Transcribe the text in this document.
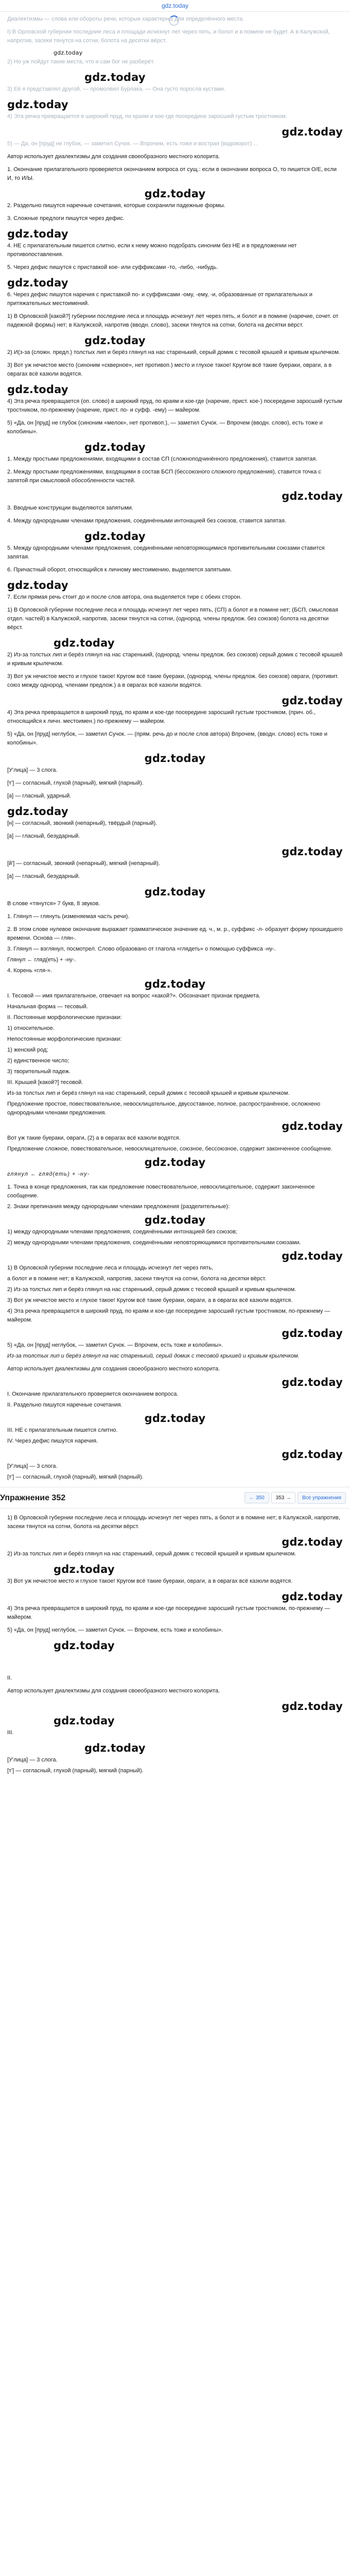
gdz.today

Диалектизмы — слова или обороты речи, которые характерны для определённого места.

I) В Орловской губернии последние леса и площади исчезнут лет через пять, и болот и в помине не будет. А в Калужской, напротив, засеки тянутся на сотни, болота на десятки вёрст.

gdz.today

2) Но уж пойдут такие места, что и сам бог не разберёт.

gdz.today

3) Её я представлял другой, — промолвил Бурлака. — Она густо поросла кустами.

gdz.today

4) Эта речка превращается в широкий пруд, по краям и кое-где посередине заросший густым тростником.

gdz.today

5) — Да, он [пруд] не глубок, — заметил Сучок. — Впрочем, есть тоже и вострая (водоворот) ...

Автор использует диалектизмы для создания своеобразного местного колорита.

1. Окончание прилагательного проверяется окончанием вопроса от сущ.: если в окончании вопроса О, то пишется О/Е, если И, то И/Ы.

gdz.today

2. Раздельно пишутся наречные сочетания, которые сохранили падежные формы.

3. Сложные предлоги пишутся через дефис.

gdz.today

4. НЕ с прилагательным пишется слитно, если к нему можно подобрать синоним без НЕ и в предложении нет противопоставления.

5. Через дефис пишутся с приставкой кое- или суффиксами -то, -либо, -нибудь.

gdz.today

6. Через дефис пишутся наречия с приставкой по- и суффиксами -ому, -ему, -и, образованные от прилагательных и притяжательных местоимений.

1) В Орловской [какой?] губернии последние леса и площадь исчезнут лет через пять, и болот и в помине (наречие, сочет. от падежной формы) нет; в Калужской, напротив (вводн. слово), засеки тянутся на сотни, болота на десятки вёрст.

gdz.today

2) И(з-за (сложн. предл.) толстых лип и берёз глянул на нас старенький, серый домик с тесовой крышей и кривым крылечком.

3) Вот уж нечистое место (синоним «скверное», нет противоп.) место и глухое такое! Кругом всё такие буераки, овраги, а в оврагах всё казюли водятся.

gdz.today

4) Эта речка превращается (оп. слово) в широкий пруд, по краям и кое-где (наречие, прист. кое-) посередине заросший густым тростником, по-прежнему (наречие, прист. по- и суфф. -ему) — майером.

5) «Да, он [пруд] не глубок (синоним «мелок», нет противоп.), — заметил Сучок. — Впрочем (вводн. слово), есть тоже и колобины».

gdz.today

1. Между простыми предложениями, входящими в состав СП (сложноподчинённого предложения), ставится запятая.

2. Между простыми предложениями, входящими в состав БСП (бессоюзного сложного предложения), ставится точка с запятой при смысловой обособленности частей.

gdz.today

3. Вводные конструкции выделяются запятыми.

4. Между однородными членами предложения, соединёнными интонацией без союзов, ставится запятая.

gdz.today

5. Между однородными членами предложения, соединёнными неповторяющимися противительными союзами ставится запятая.

6. Причастный оборот, относящийся к личному местоимению, выделяется запятыми.

gdz.today

7. Если прямая речь стоит до и после слов автора, она выделяется тире с обеих сторон.

1) В Орловской губернии последние леса и площадь исчезнут лет через пять, (СП) а болот и в помине нет; (БСП, смысловая отдел. частей) в Калужской, напротив, засеки тянутся на сотни, (однород. члены предлож. без союзов) болота на десятки вёрст.

gdz.today

2) Из-за толстых лип и берёз глянул на нас старенький, (однород. члены предлож. без союзов) серый домик с тесовой крышей и кривым крылечком.

3) Вот уж нечистое место и глухое такое! Кругом всё такие буераки, (однород. члены предлож. без союзов) овраги, (противит. союз между однород. членами предлож.) а в оврагах всё казюли водятся.

gdz.today

4) Эта речка превращается в широкий пруд, по краям и кое-где посередине заросший густым тростником, (прич. об., относящийся к личн. местоимен.) по-прежнему — майером.

5) «Да, он [пруд] неглубок, — заметил Сучок. — (прям. речь до и после слов автора) Впрочем, (вводн. слово) есть тоже и колобины».

gdz.today

[У'лица] — 3 слога.

[т'] — согласный, глухой (парный), мягкий (парный).

[а] — гласный, ударный.

gdz.today

[н] — согласный, звонкий (непарный), твёрдый (парный).

[а] — гласный, безударный.

gdz.today

[й'] — согласный, звонкий (непарный), мягкий (непарный).

[а] — гласный, безударный.

gdz.today

В слове «тянутся» 7 букв, 8 звуков.

1. Глянул — глянуть (изменяемая часть речи).

2. В этом слове нулевое окончание выражает грамматическое значение ед. ч., м. р., суффикс -л- образует форму прошедшего времени. Основа — глян-.

3. Глянул — взглянул, посмотрел. Слово образовано от глагола «глядеть» о помощью суффикса -ну-.

Глянул ← гляд(еть) + -ну-.

4. Корень «гля-».

gdz.today

I. Тесовой — имя прилагательное, отвечает на вопрос «какой?». Обозначает признак предмета.

Начальная форма — тесовый.

II. Постоянные морфологические признаки:

1) относительное.

Непостоянные морфологические признаки:

1) женский род;

2) единственное число;

3) творительный падеж.

III. Крышей [какой?] тесовой.

Из-за толстых лип и берёз глянул на нас старенький, серый домик с тесовой крышей и кривым крылечком.

Предложение простое, повествовательное, невосклицательное, двусоставное, полное, распространённое, осложнено однородными членами предложения.

gdz.today

Вот уж такие буераки, овраги, (2) а в оврагах всё казюли водятся.

Предложение сложное, повествовательное, невосклицательное, союзное, бессоюзное, содержит законченное сообщение.

gdz.today

глянул ← гляд(еть) + -ну-

1. Точка в конце предложения, так как предложение повествовательное, невосклицательное, содержит законченное сообщение.

2. Знаки препинания между однородными членами предложения (разделительные):

gdz.today

1) между однородными членами предложения, соединёнными интонацией без союзов;

2) между однородными членами предложения, соединёнными неповторяющимися противительными союзами.

gdz.today

1) В Орловской губернии последние леса и площадь исчезнут лет через пять,

а болот и в помине нет; в Калужской, напротив, засеки тянутся на сотни, болота на десятки вёрст.

2) Из-за толстых лип и берёз глянул на нас старенький, серый домик с тесовой крышей и кривым крылечком.

3) Вот уж нечистое место и глухое такое! Кругом всё такие буераки, овраги, а в оврагах всё казюли водятся.

4) Эта речка превращается в широкий пруд, по краям и кое-где посередине заросший густым тростником, по-прежнему — майером.

gdz.today

5) «Да, он [пруд] неглубок, — заметил Сучок. — Впрочем, есть тоже и колобины».

Из-за толстых лип и берёз глянул на нас старенький, серый домик с тесовой крышей и кривым крылечком.

Автор использует диалектизмы для создания своеобразного местного колорита.

gdz.today

I. Окончание прилагательного проверяется окончанием вопроса.

II. Раздельно пишутся наречные сочетания.

gdz.today

III. НЕ с прилагательным пишется слитно.

IV. Через дефис пишутся наречия.

gdz.today

[У'лица] — 3 слога.

[т'] — согласный, глухой (парный), мягкий (парный).

Упражнение 352	←
350 353
→	Все упражнения

1) В Орловской губернии последние леса и площадь исчезнут лет через пять, а болот и в помине нет; в Калужской, напротив, засеки тянутся на сотни, болота на десятки вёрст.

gdz.today

2) Из-за толстых лип и берёз глянул на нас старенький, серый домик с тесовой крышей и кривым крылечком.

gdz.today

3) Вот уж нечистое место и глухое такое! Кругом всё такие буераки, овраги, а в оврагах всё казюли водятся.

gdz.today

4) Эта речка превращается в широкий пруд, по краям и кое-где посередине заросший густым тростником, по-прежнему — майером.

5) «Да, он [пруд] неглубок, — заметил Сучок. — Впрочем, есть тоже и колобины».

gdz.today

II.

Автор использует диалектизмы для создания своеобразного местного колорита.

gdz.today
gdz.today

III.

gdz.today

[У'лица] — 3 слога.

[т'] — согласный, глухой (парный), мягкий (парный).
